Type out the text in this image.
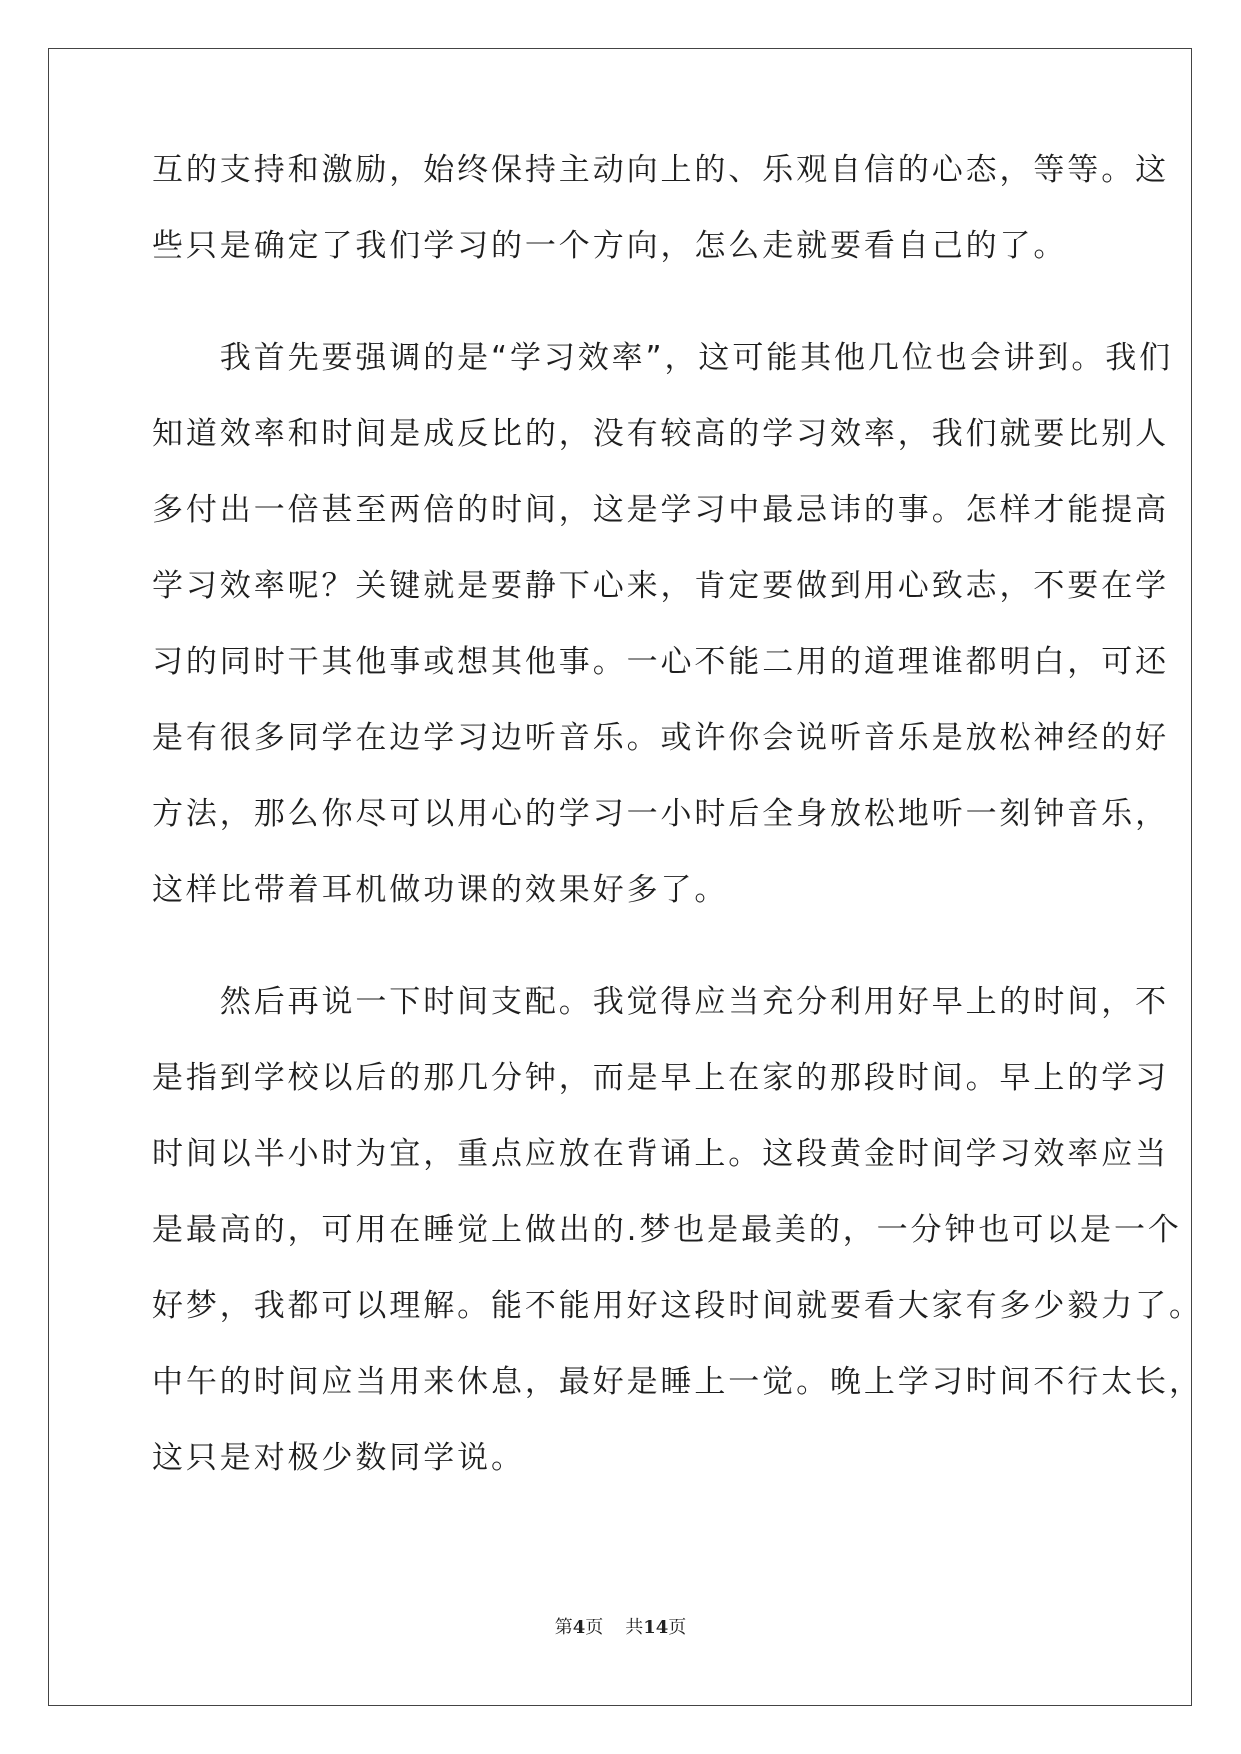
互的支持和激励，始终保持主动向上的、乐观自信的心态，等等。这

些只是确定了我们学习的一个方向，怎么走就要看自己的了。

　　我首先要强调的是“学习效率”，这可能其他几位也会讲到。我们

知道效率和时间是成反比的，没有较高的学习效率，我们就要比别人

多付出一倍甚至两倍的时间，这是学习中最忌讳的事。怎样才能提高

学习效率呢？关键就是要静下心来，肯定要做到用心致志，不要在学

习的同时干其他事或想其他事。一心不能二用的道理谁都明白，可还

是有很多同学在边学习边听音乐。或许你会说听音乐是放松神经的好

方法，那么你尽可以用心的学习一小时后全身放松地听一刻钟音乐，

这样比带着耳机做功课的效果好多了。

　　然后再说一下时间支配。我觉得应当充分利用好早上的时间，不

是指到学校以后的那几分钟，而是早上在家的那段时间。早上的学习

时间以半小时为宜，重点应放在背诵上。这段黄金时间学习效率应当

是最高的，可用在睡觉上做出的.梦也是最美的，一分钟也可以是一个

好梦，我都可以理解。能不能用好这段时间就要看大家有多少毅力了。

中午的时间应当用来休息，最好是睡上一觉。晚上学习时间不行太长，

这只是对极少数同学说。

第4页 共14页
